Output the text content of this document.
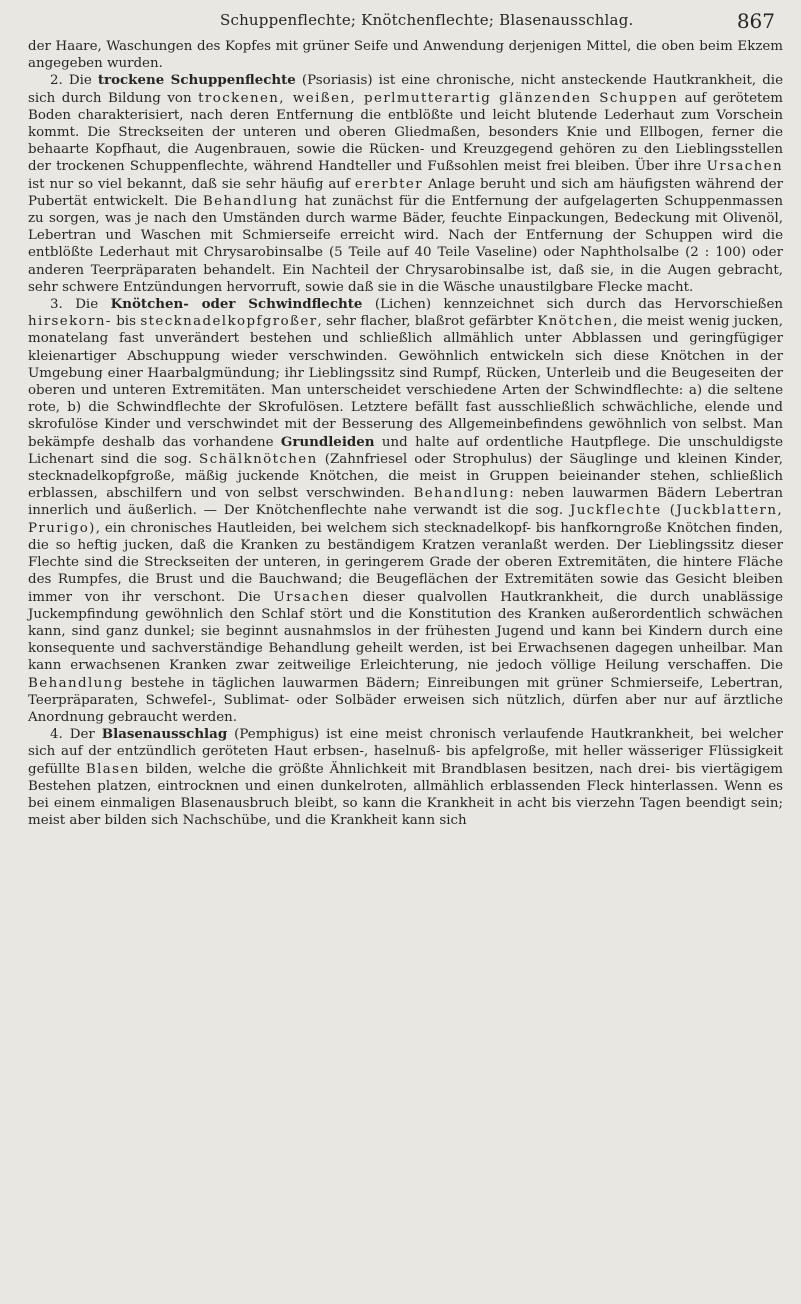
Schuppenflechte; Knötchenflechte; Blasenausschlag.	867

der Haare, Waschungen des Kopfes mit grüner Seife und Anwendung derjenigen Mittel, die oben beim Ekzem angegeben wurden.

2. Die trockene Schuppenflechte (Psoriasis) ist eine chronische, nicht ansteckende Hautkrankheit, die sich durch Bildung von trockenen, weißen, perlmutterartig glänzenden Schuppen auf gerötetem Boden charakterisiert, nach deren Entfernung die entblößte und leicht blutende Lederhaut zum Vorschein kommt. Die Streckseiten der unteren und oberen Gliedmaßen, besonders Knie und Ellbogen, ferner die behaarte Kopfhaut, die Augenbrauen, sowie die Rücken- und Kreuzgegend gehören zu den Lieblingsstellen der trockenen Schuppenflechte, während Handteller und Fußsohlen meist frei bleiben. Über ihre Ursachen ist nur so viel bekannt, daß sie sehr häufig auf ererbter Anlage beruht und sich am häufigsten während der Pubertät entwickelt. Die Behandlung hat zunächst für die Entfernung der aufgelagerten Schuppenmassen zu sorgen, was je nach den Umständen durch warme Bäder, feuchte Einpackungen, Bedeckung mit Olivenöl, Lebertran und Waschen mit Schmierseife erreicht wird. Nach der Entfernung der Schuppen wird die entblößte Lederhaut mit Chrysarobinsalbe (5 Teile auf 40 Teile Vaseline) oder Naphtholsalbe (2 : 100) oder anderen Teerpräparaten behandelt. Ein Nachteil der Chrysarobinsalbe ist, daß sie, in die Augen gebracht, sehr schwere Entzündungen hervorruft, sowie daß sie in die Wäsche unaustilgbare Flecke macht.

3. Die Knötchen- oder Schwindflechte (Lichen) kennzeichnet sich durch das Hervorschießen hirsekorn- bis stecknadelkopfgroßer, sehr flacher, blaßrot gefärbter Knötchen, die meist wenig jucken, monatelang fast unverändert bestehen und schließlich allmählich unter Abblassen und geringfügiger kleienartiger Abschuppung wieder verschwinden. Gewöhnlich entwickeln sich diese Knötchen in der Umgebung einer Haarbalgmündung; ihr Lieblingssitz sind Rumpf, Rücken, Unterleib und die Beugeseiten der oberen und unteren Extremitäten. Man unterscheidet verschiedene Arten der Schwindflechte: a) die seltene rote, b) die Schwindflechte der Skrofulösen. Letztere befällt fast ausschließlich schwächliche, elende und skrofulöse Kinder und verschwindet mit der Besserung des Allgemeinbefindens gewöhnlich von selbst. Man bekämpfe deshalb das vorhandene Grundleiden und halte auf ordentliche Hautpflege. Die unschuldigste Lichenart sind die sog. Schälknötchen (Zahnfriesel oder Strophulus) der Säuglinge und kleinen Kinder, stecknadelkopfgroße, mäßig juckende Knötchen, die meist in Gruppen beieinander stehen, schließlich erblassen, abschilfern und von selbst verschwinden. Behandlung: neben lauwarmen Bädern Lebertran innerlich und äußerlich. — Der Knötchenflechte nahe verwandt ist die sog. Juckflechte (Juckblattern, Prurigo), ein chronisches Hautleiden, bei welchem sich stecknadelkopf- bis hanfkorngroße Knötchen finden, die so heftig jucken, daß die Kranken zu beständigem Kratzen veranlaßt werden. Der Lieblingssitz dieser Flechte sind die Streckseiten der unteren, in geringerem Grade der oberen Extremitäten, die hintere Fläche des Rumpfes, die Brust und die Bauchwand; die Beugeflächen der Extremitäten sowie das Gesicht bleiben immer von ihr verschont. Die Ursachen dieser qualvollen Hautkrankheit, die durch unablässige Juckempfindung gewöhnlich den Schlaf stört und die Konstitution des Kranken außerordentlich schwächen kann, sind ganz dunkel; sie beginnt ausnahmslos in der frühesten Jugend und kann bei Kindern durch eine konsequente und sachverständige Behandlung geheilt werden, ist bei Erwachsenen dagegen unheilbar. Man kann erwachsenen Kranken zwar zeitweilige Erleichterung, nie jedoch völlige Heilung verschaffen. Die Behandlung bestehe in täglichen lauwarmen Bädern; Einreibungen mit grüner Schmierseife, Lebertran, Teerpräparaten, Schwefel-, Sublimat- oder Solbäder erweisen sich nützlich, dürfen aber nur auf ärztliche Anordnung gebraucht werden.

4. Der Blasenausschlag (Pemphigus) ist eine meist chronisch verlaufende Hautkrankheit, bei welcher sich auf der entzündlich geröteten Haut erbsen-, haselnuß- bis apfelgroße, mit heller wässeriger Flüssigkeit gefüllte Blasen bilden, welche die größte Ähnlichkeit mit Brandblasen besitzen, nach drei- bis viertägigem Bestehen platzen, eintrocknen und einen dunkelroten, allmählich erblassenden Fleck hinterlassen. Wenn es bei einem einmaligen Blasenausbruch bleibt, so kann die Krankheit in acht bis vierzehn Tagen beendigt sein; meist aber bilden sich Nachschübe, und die Krankheit kann sich
